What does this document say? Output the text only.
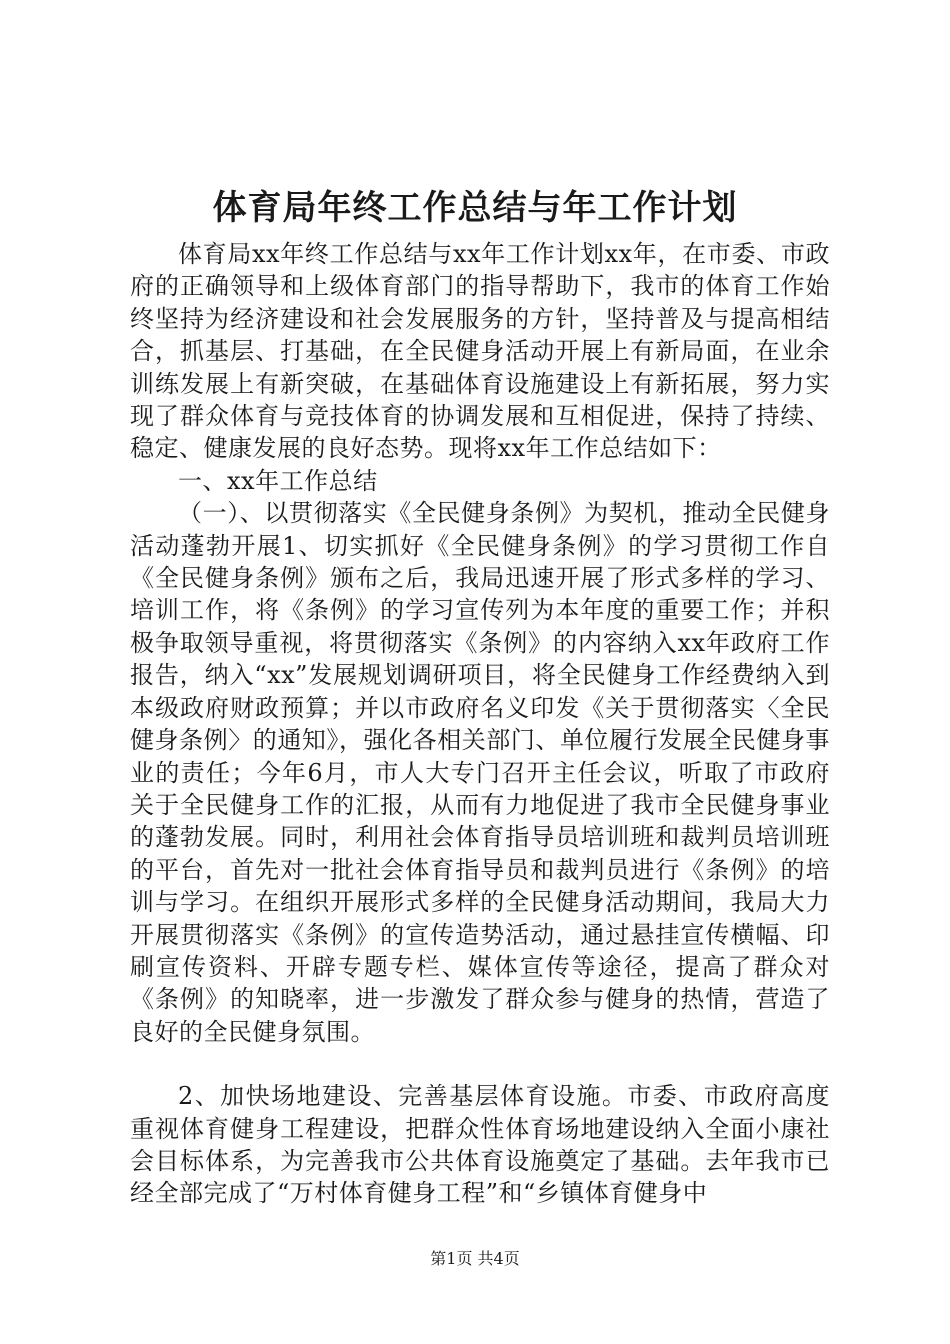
体育局年终工作总结与年工作计划

体育局xx年终工作总结与xx年工作计划xx年，在市委、市政府的正确领导和上级体育部门的指导帮助下，我市的体育工作始终坚持为经济建设和社会发展服务的方针，坚持普及与提高相结合，抓基层、打基础，在全民健身活动开展上有新局面，在业余训练发展上有新突破，在基础体育设施建设上有新拓展，努力实现了群众体育与竞技体育的协调发展和互相促进，保持了持续、稳定、健康发展的良好态势。现将xx年工作总结如下：

一、xx年工作总结

（一）、以贯彻落实《全民健身条例》为契机，推动全民健身活动蓬勃开展1、切实抓好《全民健身条例》的学习贯彻工作自《全民健身条例》颁布之后，我局迅速开展了形式多样的学习、培训工作，将《条例》的学习宣传列为本年度的重要工作；并积极争取领导重视，将贯彻落实《条例》的内容纳入xx年政府工作报告，纳入“xx”发展规划调研项目，将全民健身工作经费纳入到本级政府财政预算；并以市政府名义印发《关于贯彻落实〈全民健身条例〉的通知》，强化各相关部门、单位履行发展全民健身事业的责任；今年6月，市人大专门召开主任会议，听取了市政府关于全民健身工作的汇报，从而有力地促进了我市全民健身事业的蓬勃发展。同时，利用社会体育指导员培训班和裁判员培训班的平台，首先对一批社会体育指导员和裁判员进行《条例》的培训与学习。在组织开展形式多样的全民健身活动期间，我局大力开展贯彻落实《条例》的宣传造势活动，通过悬挂宣传横幅、印刷宣传资料、开辟专题专栏、媒体宣传等途径，提高了群众对《条例》的知晓率，进一步激发了群众参与健身的热情，营造了良好的全民健身氛围。

2、加快场地建设、完善基层体育设施。市委、市政府高度重视体育健身工程建设，把群众性体育场地建设纳入全面小康社会目标体系，为完善我市公共体育设施奠定了基础。去年我市已经全部完成了“万村体育健身工程”和“乡镇体育健身中

第1页 共4页
